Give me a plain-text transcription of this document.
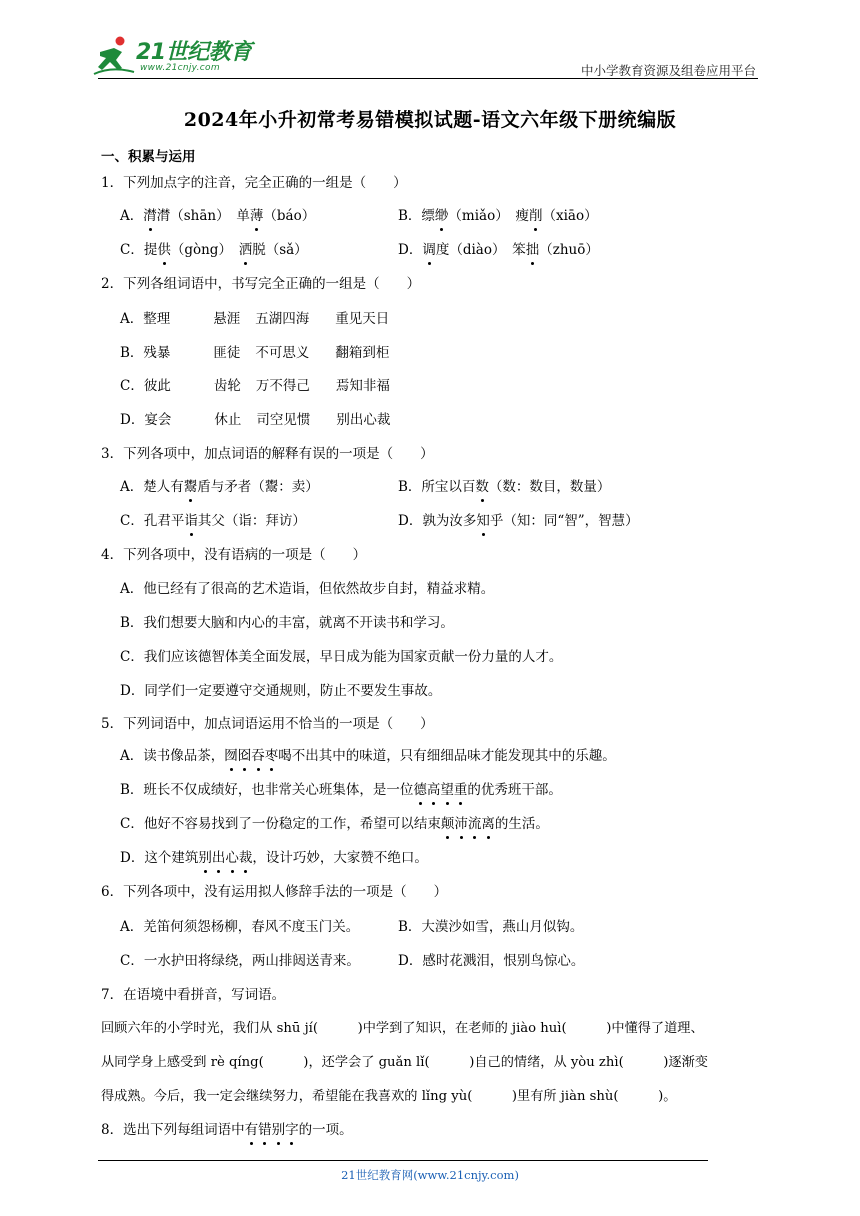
21世纪教育
www.21cnjy.com	中小学教育资源及组卷应用平台
2024年小升初常考易错模拟试题-语文六年级下册统编版
一、积累与运用
1．下列加点字的注音，完全正确的一组是（　　）
A．潸潸（shān）　 单薄（báo）	B．缥缈（miǎo）　 瘦削（xiāo）
C．提供（gòng）　 洒脱（sǎ）	D．调度（diào）　 笨拙（zhuō）
2．下列各组词语中，书写完全正确的一组是（　　）
A．整理	悬涯 五湖四海 重见天日
B．残暴	匪徒 不可思义 翻箱到柜
C．彼此	齿轮 万不得己 焉知非福
D．宴会	休止 司空见惯 别出心裁
3．下列各项中，加点词语的解释有误的一项是（　　）
A．楚人有鬻盾与矛者（鬻：卖）	B．所宝以百数（数：数目，数量）
C．孔君平诣其父（诣：拜访）	D．孰为汝多知乎（知：同“智”，智慧）
4．下列各项中，没有语病的一项是（　　）
A．他已经有了很高的艺术造诣，但依然故步自封，精益求精。
B．我们想要大脑和内心的丰富，就离不开读书和学习。
C．我们应该德智体美全面发展，早日成为能为国家贡献一份力量的人才。
D．同学们一定要遵守交通规则，防止不要发生事故。
5．下列词语中，加点词语运用不恰当的一项是（　　）
A．读书像品茶，囫囵吞枣喝不出其中的味道，只有细细品味才能发现其中的乐趣。
B．班长不仅成绩好，也非常关心班集体，是一位德高望重的优秀班干部。
C．他好不容易找到了一份稳定的工作，希望可以结束颠沛流离的生活。
D．这个建筑别出心裁，设计巧妙，大家赞不绝口。
6．下列各项中，没有运用拟人修辞手法的一项是（　　）
A．羌笛何须怨杨柳，春风不度玉门关。	B．大漠沙如雪，燕山月似钩。
C．一水护田将绿绕，两山排闼送青来。	D．感时花溅泪，恨别鸟惊心。
7．在语境中看拼音，写词语。
回顾六年的小学时光，我们从 shū jí(　　　)中学到了知识，在老师的 jiào huì(　　　)中懂得了道理、
从同学身上感受到 rè qíng(　　　)，还学会了 guǎn lǐ(　　　)自己的情绪，从 yòu zhì(　　　)逐渐变
得成熟。今后，我一定会继续努力，希望能在我喜欢的 lǐng yù(　　　)里有所 jiàn shù(　　　)。
8．选出下列每组词语中有错别字的一项。
21世纪教育网(www.21cnjy.com)
